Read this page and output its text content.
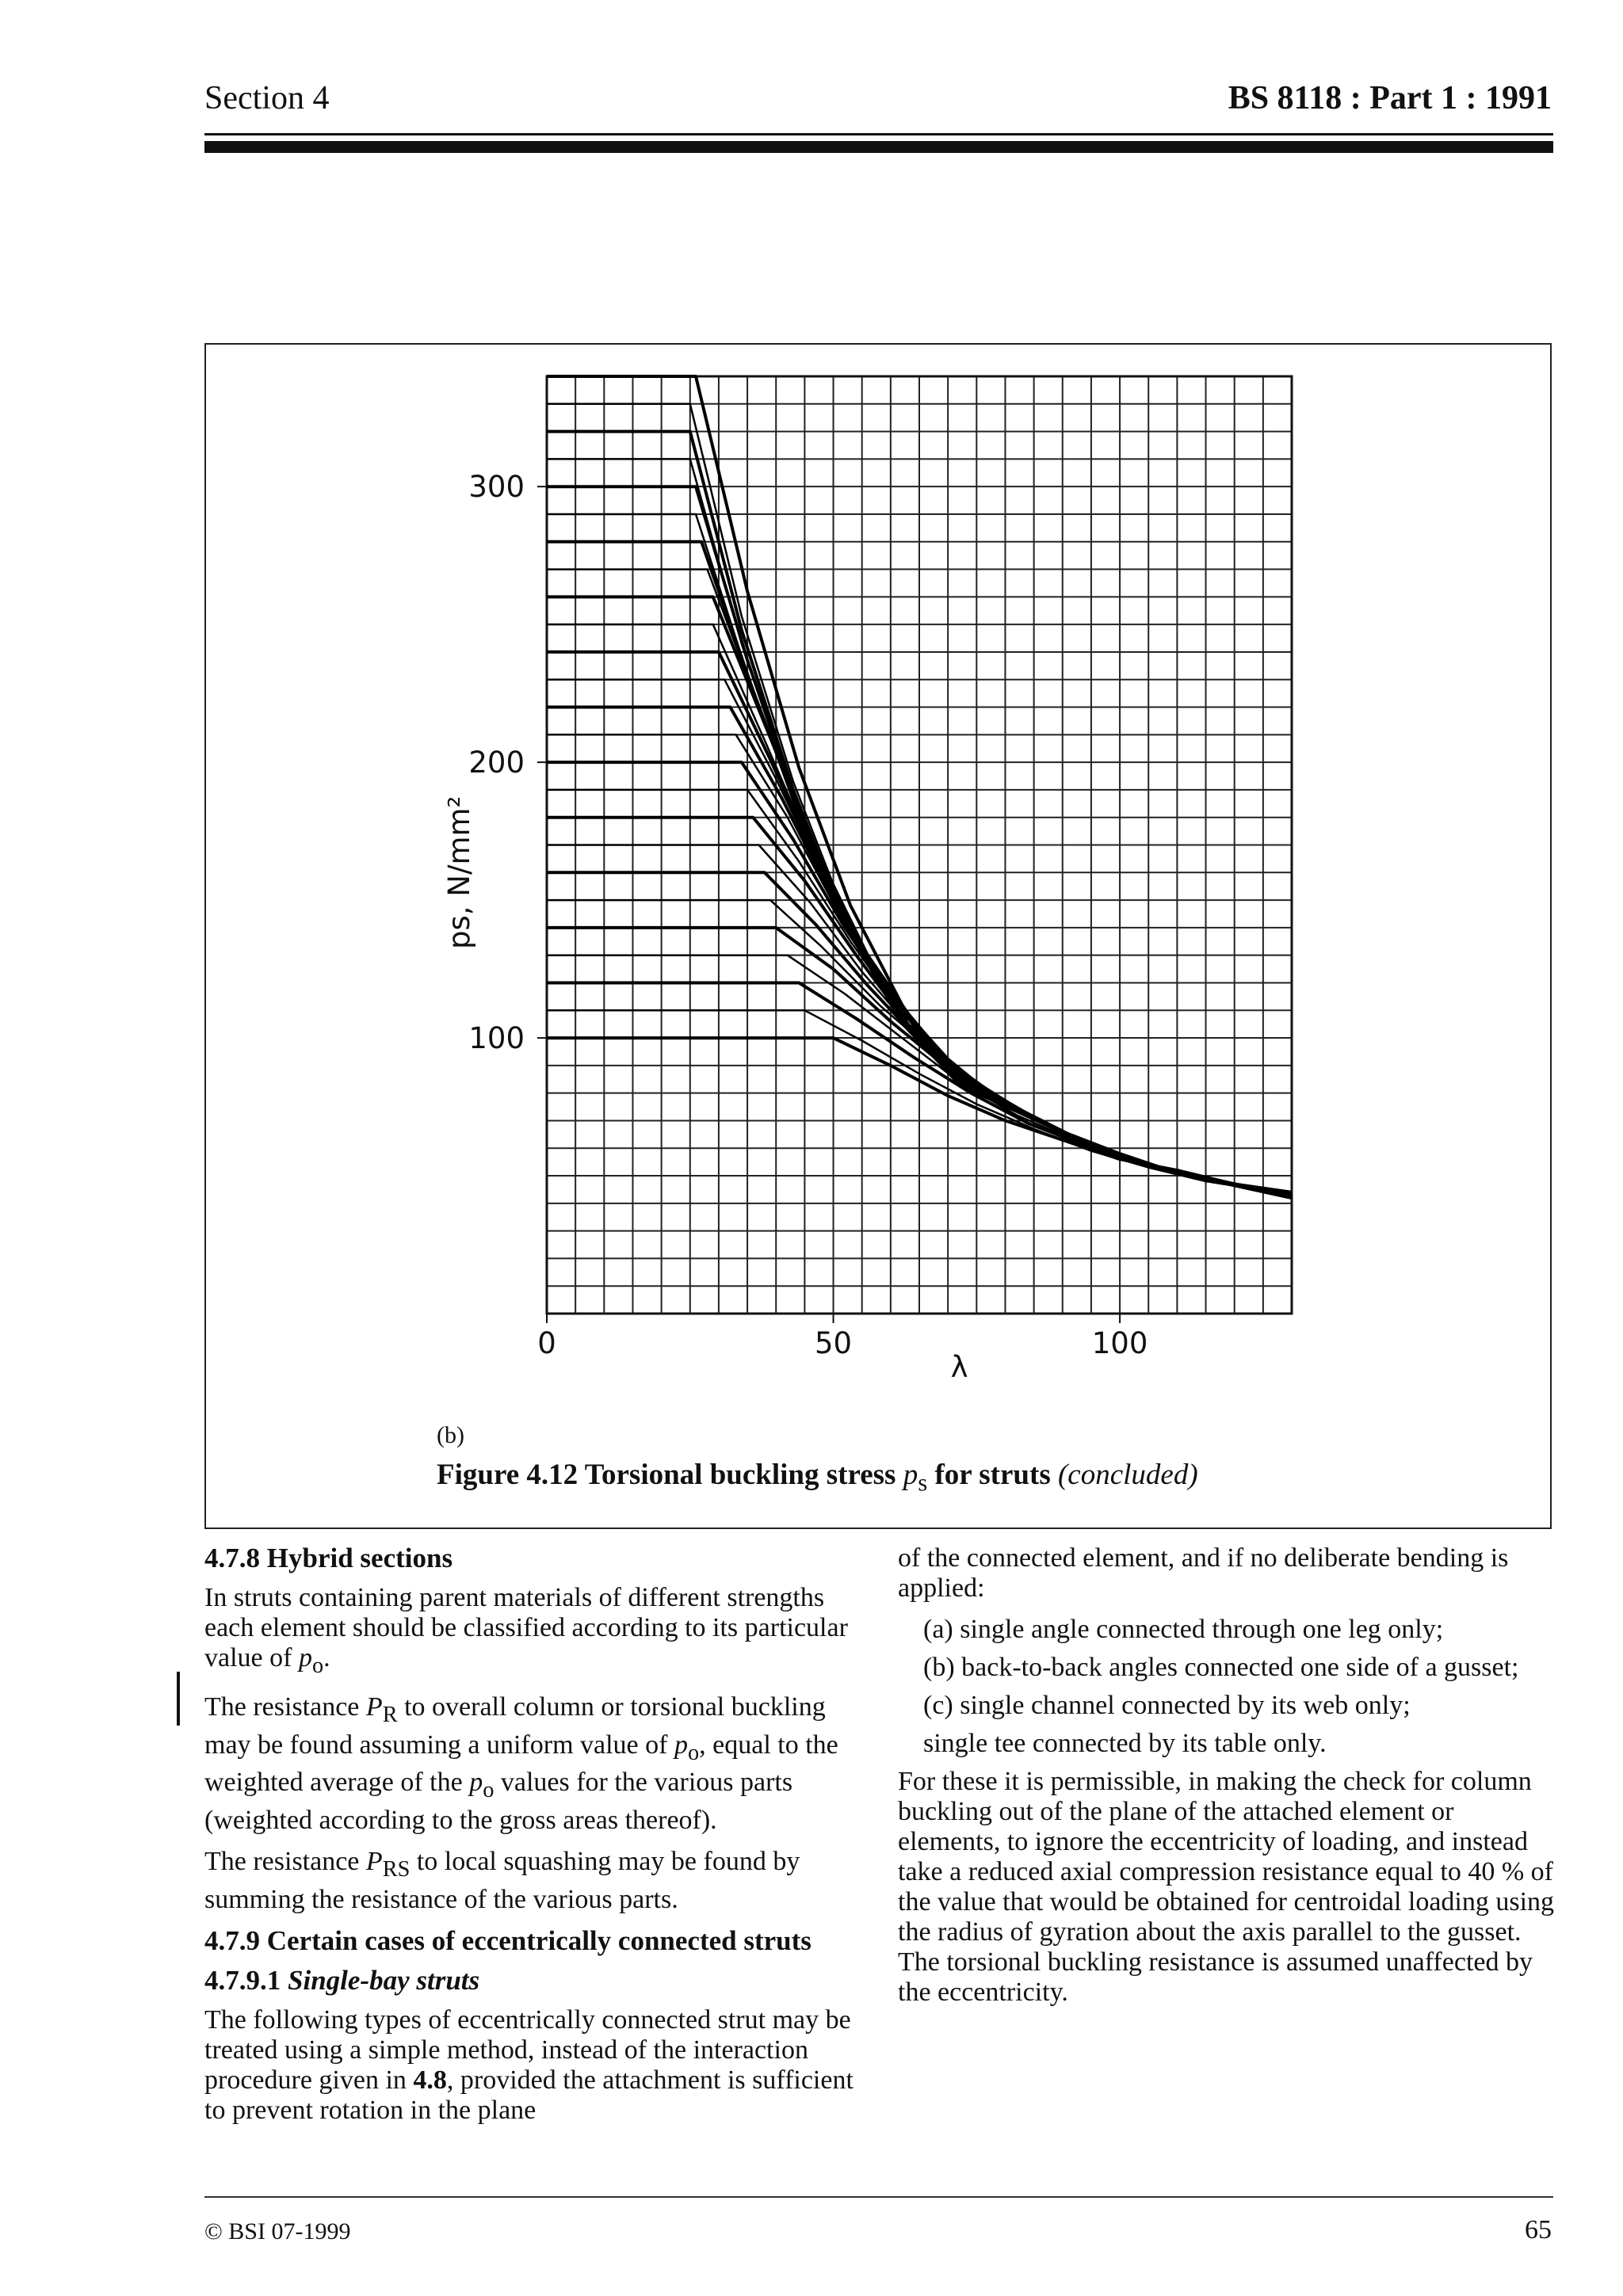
Section 4	BS 8118 : Part 1 : 1991
100
200
300
0	50	100
λ
ps, N/mm²
(b)
Figure 4.12 Torsional buckling stress $p_s$ for struts (concluded)
4.7.8 Hybrid sections

In struts containing parent materials of different strengths each element should be classified according to its particular value of $p_o$.

The resistance $P_R$ to overall column or torsional buckling may be found assuming a uniform value of $p_o$, equal to the weighted average of the $p_o$ values for the various parts (weighted according to the gross areas thereof).

The resistance $P_{RS}$ to local squashing may be found by summing the resistance of the various parts.

4.7.9 Certain cases of eccentrically connected struts
4.7.9.1 Single-bay struts

The following types of eccentrically connected strut may be treated using a simple method, instead of the interaction procedure given in 4.8, provided the attachment is sufficient to prevent rotation in the plane

of the connected element, and if no deliberate bending is applied:

(a) single angle connected through one leg only;

(b) back-to-back angles connected one side of a gusset;

(c) single channel connected by its web only;

single tee connected by its table only.

For these it is permissible, in making the check for column buckling out of the plane of the attached element or elements, to ignore the eccentricity of loading, and instead take a reduced axial compression resistance equal to 40 % of the value that would be obtained for centroidal loading using the radius of gyration about the axis parallel to the gusset. The torsional buckling resistance is assumed unaffected by the eccentricity.

© BSI 07-1999	65
